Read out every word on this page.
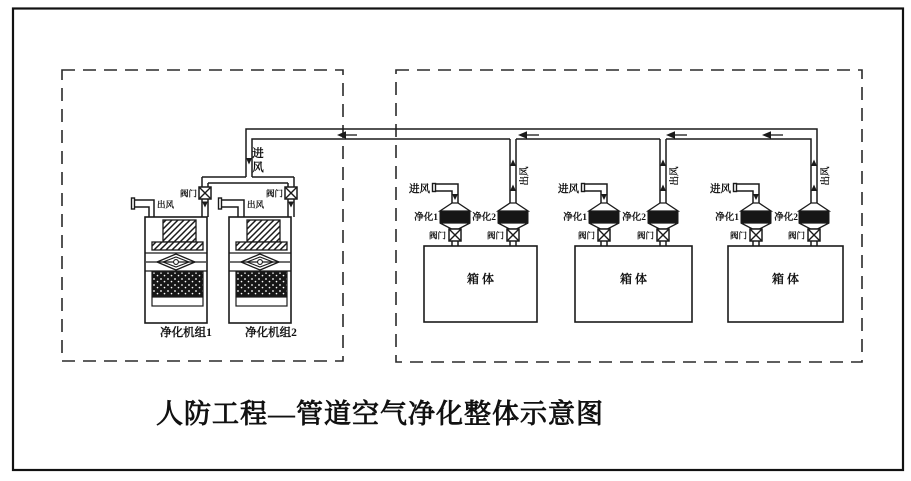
进
风
阀门
出风
净化机组1
阀门
出风
净化机组2
进风
净化1	净化2
阀门	阀门
出风
箱 体
进风
净化1	净化2
阀门	阀门
出风
箱 体
进风
净化1	净化2
阀门	阀门
出风
箱 体
人防工程—管道空气净化整体示意图
